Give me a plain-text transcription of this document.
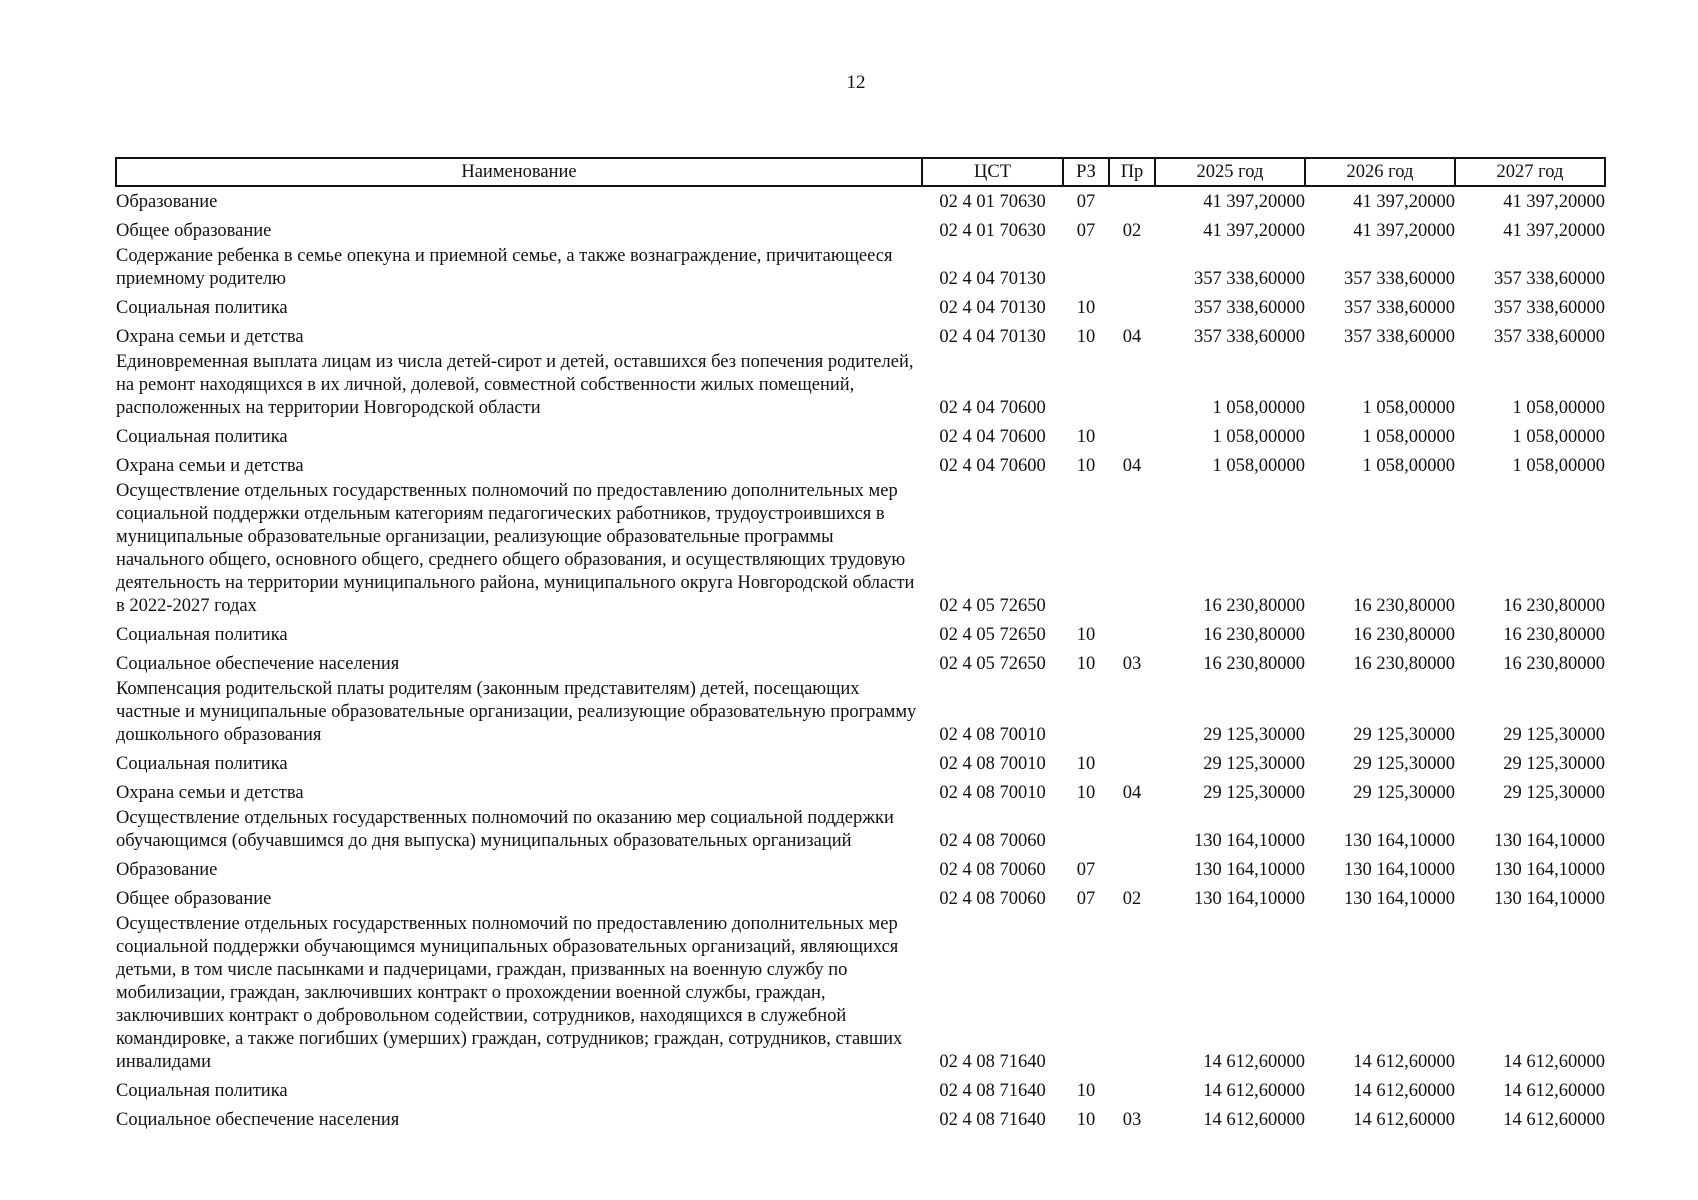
12
Наименование	ЦСТ	РЗ	Пр	2025 год	2026 год	2027 год
Образование	02 4 01 70630	07		41 397,20000	41 397,20000	41 397,20000
Общее образование	02 4 01 70630	07	02	41 397,20000	41 397,20000	41 397,20000
Содержание ребенка в семье опекуна и приемной семье, а также вознаграждение, причитающееся приемному родителю	02 4 04 70130			357 338,60000	357 338,60000	357 338,60000
Социальная политика	02 4 04 70130	10		357 338,60000	357 338,60000	357 338,60000
Охрана семьи и детства	02 4 04 70130	10	04	357 338,60000	357 338,60000	357 338,60000
Единовременная выплата лицам из числа детей-сирот и детей, оставшихся без попечения родителей, на ремонт находящихся в их личной, долевой, совместной собственности жилых помещений, расположенных на территории Новгородской области	02 4 04 70600			1 058,00000	1 058,00000	1 058,00000
Социальная политика	02 4 04 70600	10		1 058,00000	1 058,00000	1 058,00000
Охрана семьи и детства	02 4 04 70600	10	04	1 058,00000	1 058,00000	1 058,00000
Осуществление отдельных государственных полномочий по предоставлению дополнительных мер социальной поддержки отдельным категориям педагогических работников, трудоустроившихся в муниципальные образовательные организации, реализующие образовательные программы начального общего, основного общего, среднего общего образования, и осуществляющих трудовую деятельность на территории муниципального района, муниципального округа Новгородской области в 2022-2027 годах	02 4 05 72650			16 230,80000	16 230,80000	16 230,80000
Социальная политика	02 4 05 72650	10		16 230,80000	16 230,80000	16 230,80000
Социальное обеспечение населения	02 4 05 72650	10	03	16 230,80000	16 230,80000	16 230,80000
Компенсация родительской платы родителям (законным представителям) детей, посещающих частные и муниципальные образовательные организации, реализующие образовательную программу дошкольного образования	02 4 08 70010			29 125,30000	29 125,30000	29 125,30000
Социальная политика	02 4 08 70010	10		29 125,30000	29 125,30000	29 125,30000
Охрана семьи и детства	02 4 08 70010	10	04	29 125,30000	29 125,30000	29 125,30000
Осуществление отдельных государственных полномочий по оказанию мер социальной поддержки обучающимся (обучавшимся до дня выпуска) муниципальных образовательных организаций	02 4 08 70060			130 164,10000	130 164,10000	130 164,10000
Образование	02 4 08 70060	07		130 164,10000	130 164,10000	130 164,10000
Общее образование	02 4 08 70060	07	02	130 164,10000	130 164,10000	130 164,10000
Осуществление отдельных государственных полномочий по предоставлению дополнительных мер социальной поддержки обучающимся муниципальных образовательных организаций, являющихся детьми, в том числе пасынками и падчерицами, граждан, призванных на военную службу по мобилизации, граждан, заключивших контракт о прохождении военной службы, граждан, заключивших контракт о добровольном содействии, сотрудников, находящихся в служебной командировке, а также погибших (умерших) граждан, сотрудников; граждан, сотрудников, ставших инвалидами	02 4 08 71640			14 612,60000	14 612,60000	14 612,60000
Социальная политика	02 4 08 71640	10		14 612,60000	14 612,60000	14 612,60000
Социальное обеспечение населения	02 4 08 71640	10	03	14 612,60000	14 612,60000	14 612,60000
